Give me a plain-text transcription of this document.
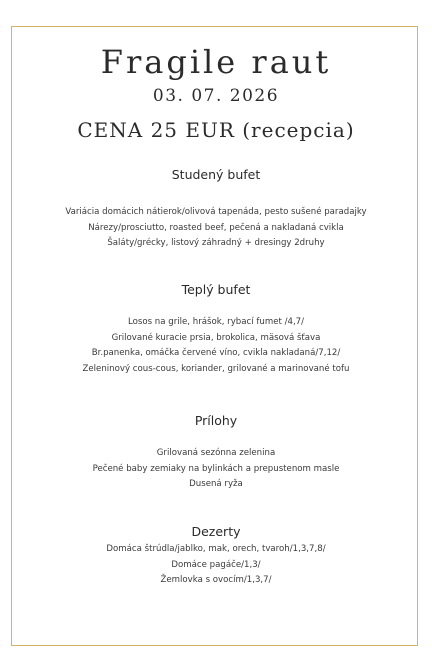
Fragile raut
03. 07. 2026
CENA 25 EUR (recepcia)
Studený bufet
Variácia domácich nátierok/olivová tapenáda, pesto sušené paradajky
Nárezy/prosciutto, roasted beef, pečená a nakladaná cvikla
Šaláty/grécky, listový záhradný + dresingy 2druhy
Teplý bufet
Losos na grile, hrášok, rybací fumet /4,7/
Grilované kuracie prsia, brokolica, mäsová šťava
Br.panenka, omáčka červené víno, cvikla nakladaná/7,12/
Zeleninový cous-cous, koriander, grilované a marinované tofu
Prílohy
Grilovaná sezónna zelenina
Pečené baby zemiaky na bylinkách a prepustenom masle
Dusená ryža
Dezerty
Domáca štrúdla/jablko, mak, orech, tvaroh/1,3,7,8/
Domáce pagáče/1,3/
Žemlovka s ovocím/1,3,7/
